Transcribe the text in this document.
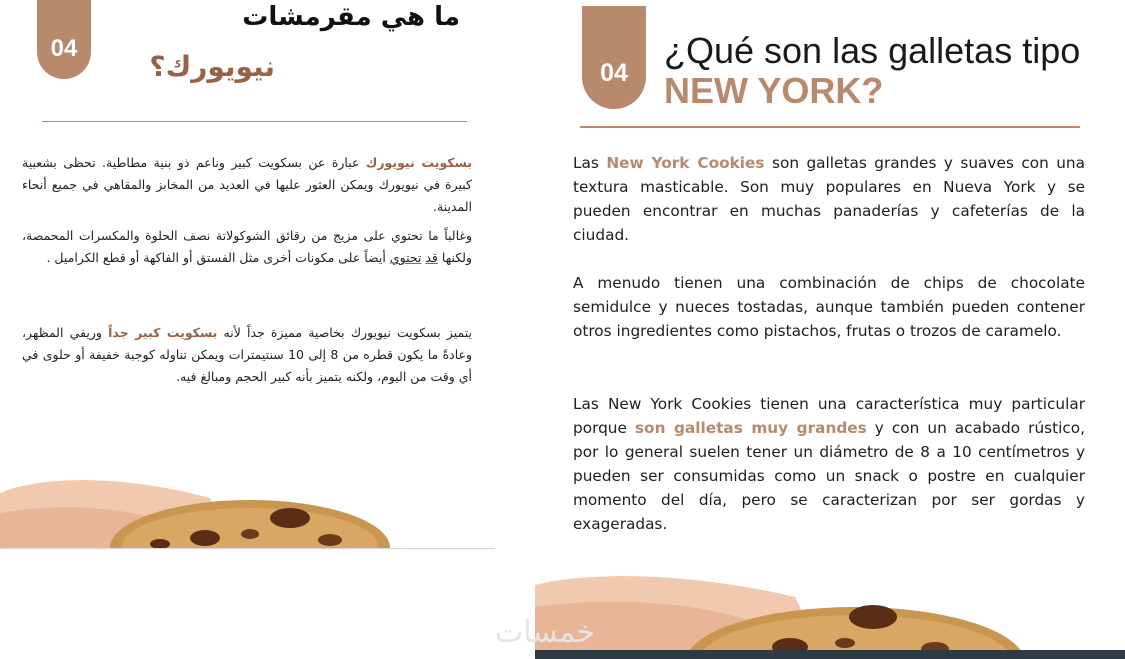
04
ما هي مقرمشات
نيويورك؟

بسكويت نيويورك عبارة عن بسكويت كبير وناعم ذو بنية مطاطية. تحظى بشعبية كبيرة في نيويورك ويمكن العثور عليها في العديد من المخابز والمقاهي في جميع أنحاء المدينة.

وغالباً ما تحتوي على مزيج من رقائق الشوكولاتة نصف الحلوة والمكسرات المحمصة، ولكنها قد تحتوي أيضاً على مكونات أخرى مثل الفستق أو الفاكهة أو قطع الكراميل .

يتميز بسكويت نيويورك بخاصية مميزة جداً لأنه بسكويت كبير جداً وريفي المظهر، وعادةً ما يكون قطره من 8 إلى 10 سنتيمترات ويمكن تناوله كوجبة خفيفة أو حلوى في أي وقت من اليوم، ولكنه يتميز بأنه كبير الحجم ومبالغ فيه.

04
¿Qué son las galletas tipo
NEW YORK?

Las New York Cookies son galletas grandes y suaves con una textura masticable. Son muy populares en Nueva York y se pueden encontrar en muchas panaderías y cafeterías de la ciudad.

A menudo tienen una combinación de chips de chocolate semidulce y nueces tostadas, aunque también pueden contener otros ingredientes como pistachos, frutas o trozos de caramelo.

Las New York Cookies tienen una característica muy particular porque son galletas muy grandes y con un acabado rústico, por lo general suelen tener un diámetro de 8 a 10 centímetros y pueden ser consumidas como un snack o postre en cualquier momento del día, pero se caracterizan por ser gordas y exageradas.

خمسات
